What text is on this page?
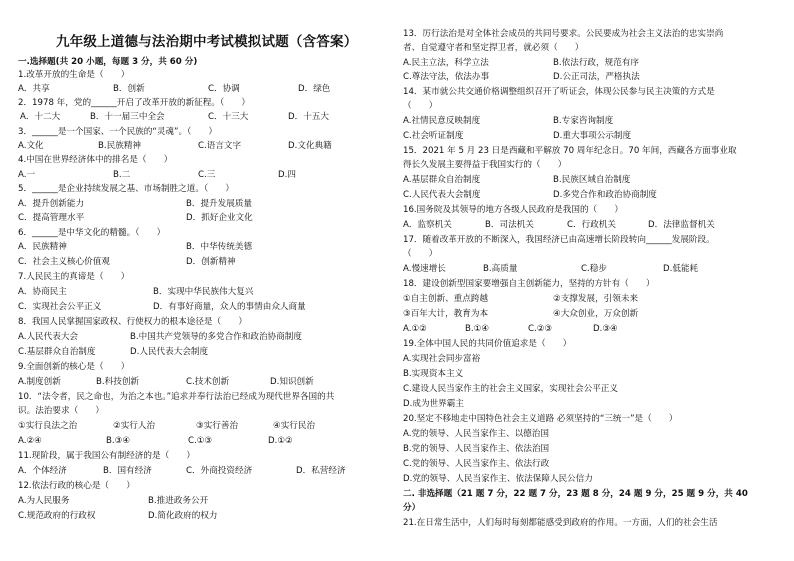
九年级上道德与法治期中考试模拟试题（含答案）
一.选择题(共 20 小题，每题 3 分，共 60 分)
1.改革开放的生命是（　　）
A．共享	B．创新	C．协调	D．绿色
2．1978 年，党的______开启了改革开放的新征程。（　　）
A．十二大	B．十一届三中全会	C．十三大	D．十五大
3．______是一个国家、一个民族的“灵魂”。（　　）
A.文化	B.民族精神	C.语言文字	D.文化典籍
4.中国在世界经济体中的排名是（　　）
A.一	B.二	C.三	D.四
5．______是企业持续发展之基、市场制胜之道。（　　）
A．提升创新能力	B．提升发展质量
C．提高管理水平	D．抓好企业文化
6．______是中华文化的精髓。（　　）
A．民族精神	B．中华传统美德
C．社会主义核心价值观	D．创新精神
7.人民民主的真谛是（　　）
A．协商民主	B．实现中华民族伟大复兴
C．实现社会公平正义	D．有事好商量，众人的事情由众人商量
8．我国人民掌握国家政权、行使权力的根本途径是（　　）
A.人民代表大会	B.中国共产党领导的多党合作和政治协商制度
C.基层群众自治制度	D.人民代表大会制度
9.全面创新的核心是（　　）
A.制度创新	B.科技创新	C.技术创新	D.知识创新
10．“法令者，民之命也，为治之本也。”追求并奉行法治已经成为现代世界各国的共
识。法治要求（　　）
①实行良法之治	②实行人治	③实行善治	④实行民治
A.②④	B.③④	C.①③	D.①②
11.现阶段，属于我国公有制经济的是（　　）
A．个体经济	B．国有经济	C．外商投资经济	D．私营经济
12.依法行政的核心是（　　）
A.为人民服务	B.推进政务公开
C.规范政府的行政权	D.简化政府的权力
13．厉行法治是对全体社会成员的共同号要求。公民要成为社会主义法治的忠实崇尚
者、自觉遵守者和坚定捍卫者，就必须（　　）
A.民主立法，科学立法	B.依法行政，规范有序
C.尊法守法，依法办事	D.公正司法，严格执法
14．某市就公共交通价格调整组织召开了听证会，体现公民参与民主决策的方式是
（　　）
A.社情民意反映制度	B.专家咨询制度
C.社会听证制度	D.重大事项公示制度
15．2021 年 5 月 23 日是西藏和平解放 70 周年纪念日。70 年间，西藏各方面事业取
得长久发展主要得益于我国实行的（　　）
A.基层群众自治制度	B.民族区域自治制度
C.人民代表大会制度	D.多党合作和政治协商制度
16.国务院及其领导的地方各级人民政府是我国的（　　）
A．监察机关	B．司法机关	C．行政机关	D．法律监督机关
17．随着改革开放的不断深入，我国经济已由高速增长阶段转向______发展阶段。
（　　）
A.慢速增长	B.高质量	C.稳步	D.低能耗
18．建设创新型国家要增强自主创新能力，坚持的方针有（　　）
①自主创新、重点跨越	②支撑发展，引领未来
③百年大计，教育为本	④大众创业，万众创新
A.①②	B.①④	C.②③	D.③④
19.全体中国人民的共同价值追求是（　　）
A.实现社会同步富裕
B.实现资本主义
C.建设人民当家作主的社会主义国家，实现社会公平正义
D.成为世界霸主
20.坚定不移地走中国特色社会主义道路 必须坚持的“三统一”是（　　）
A.党的领导、人民当家作主、以德治国
B.党的领导、人民当家作主、依法治国
C.党的领导、人民当家作主、依法行政
D.党的领导、人民当家作主、依法保障人民公信力
二. 非选择题（21 题 7 分，22 题 7 分，23 题 8 分，24 题 9 分，25 题 9 分，共 40
分）
21.在日常生活中，人们每时每刻都能感受到政府的作用。一方面，人们的社会生活
